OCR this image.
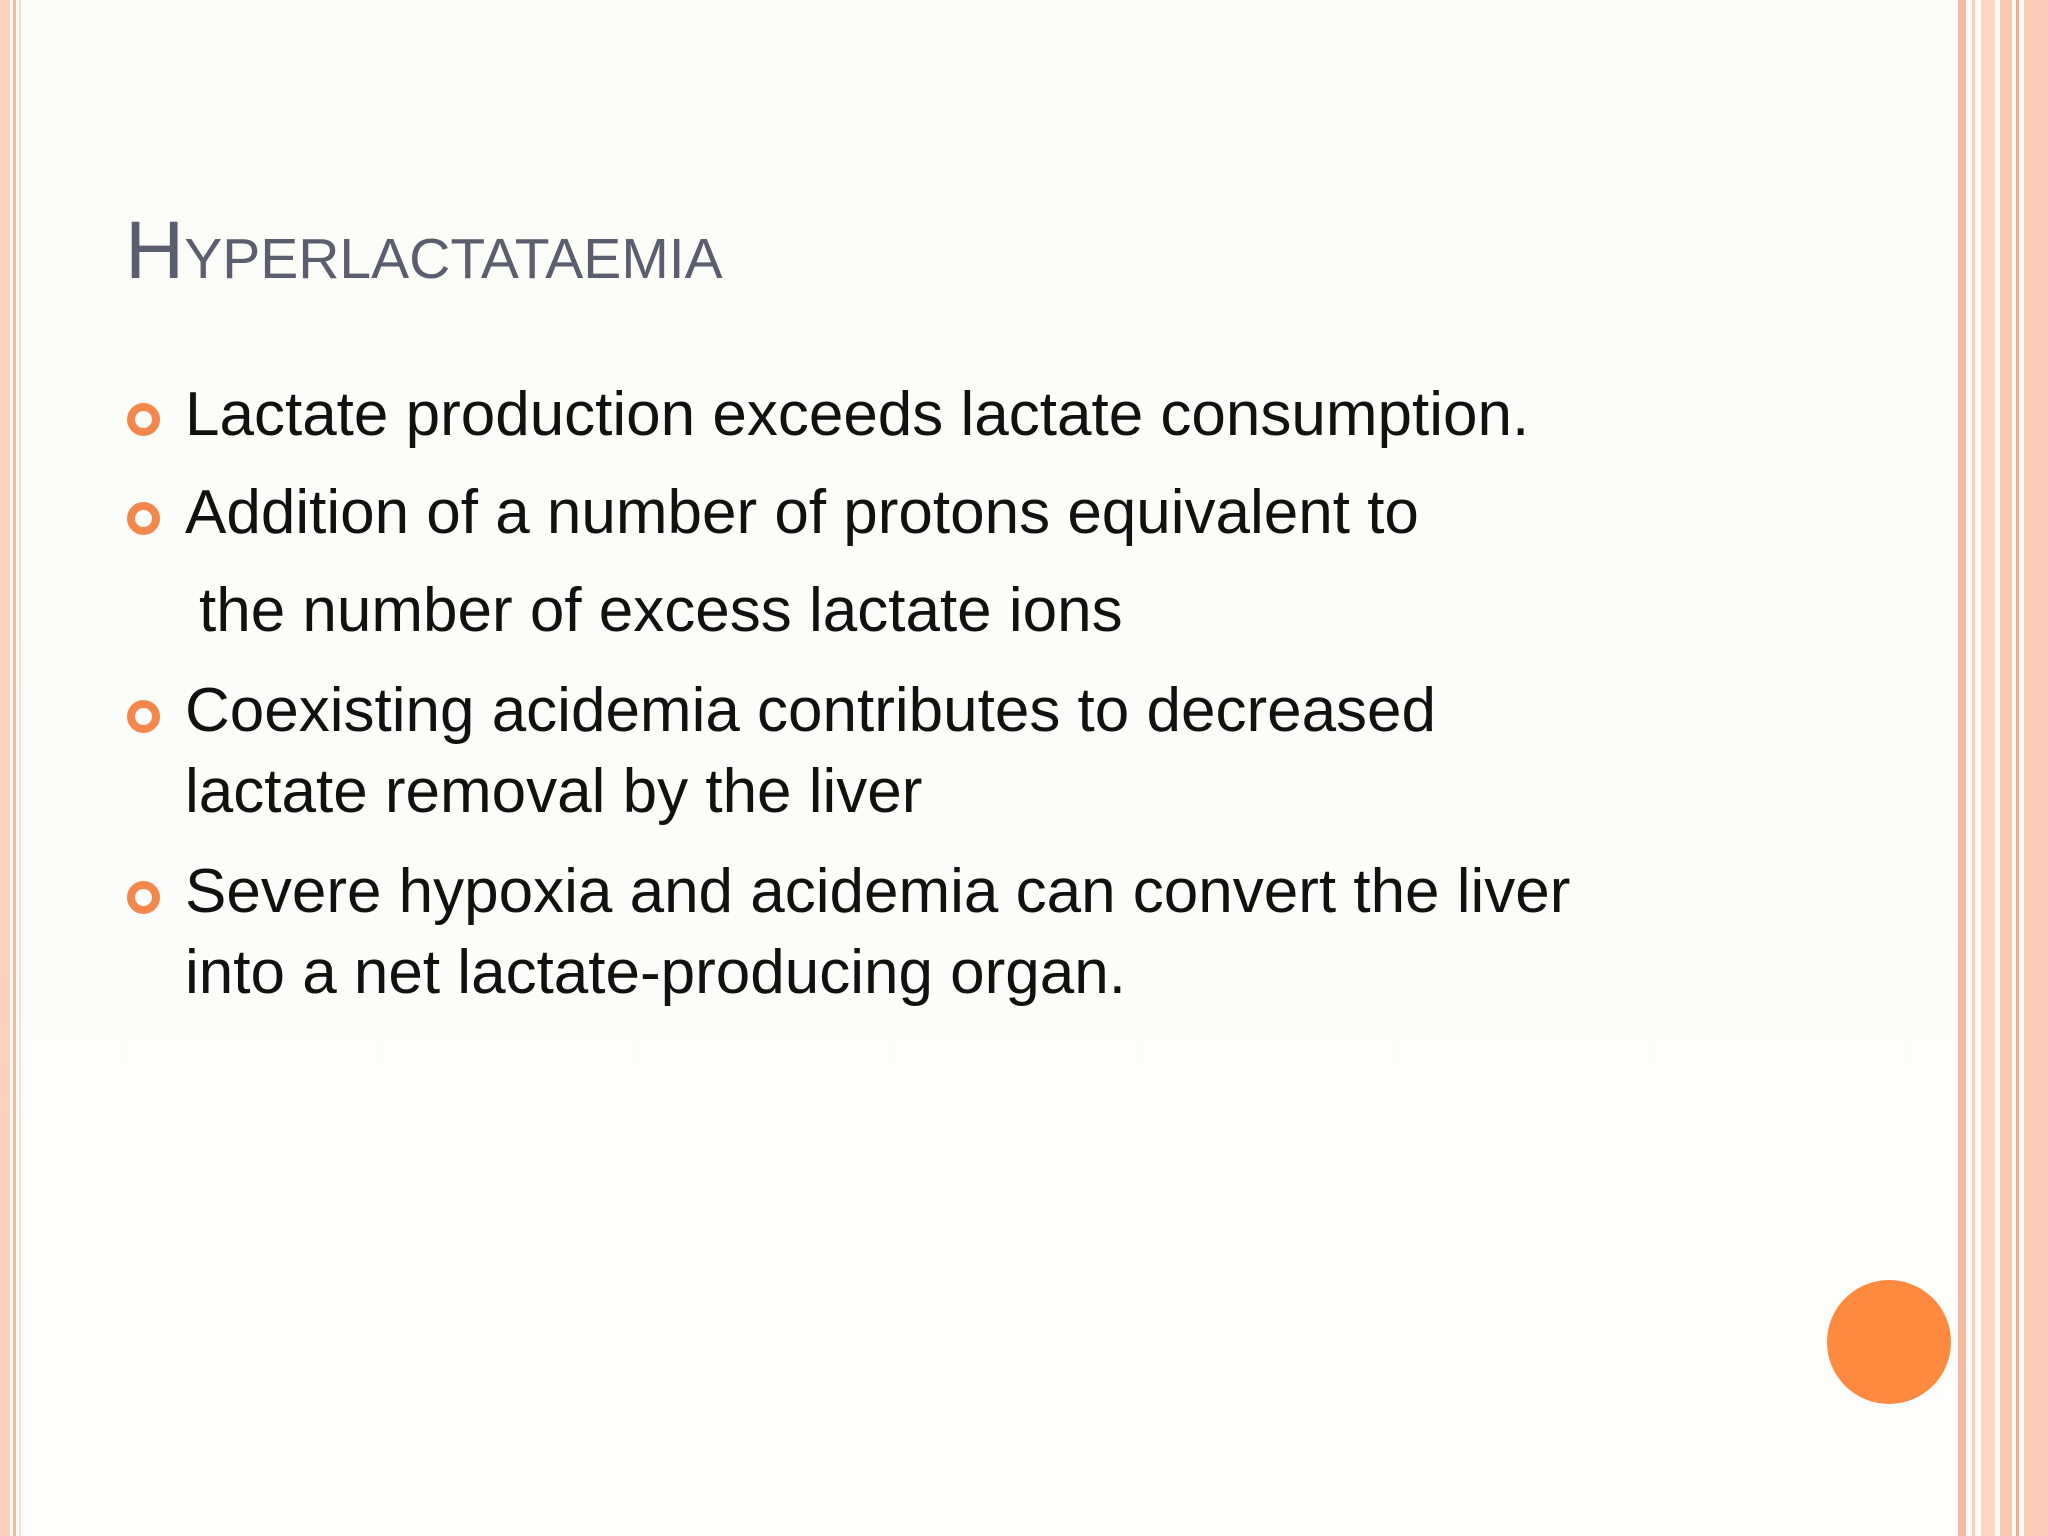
Hyperlactataemia
Lactate production exceeds lactate consumption.
Addition of a number of protons equivalent to
the number of excess lactate ions
Coexisting acidemia contributes to decreased
lactate removal by the liver
Severe hypoxia and acidemia can convert the liver
into a net lactate-producing organ.
